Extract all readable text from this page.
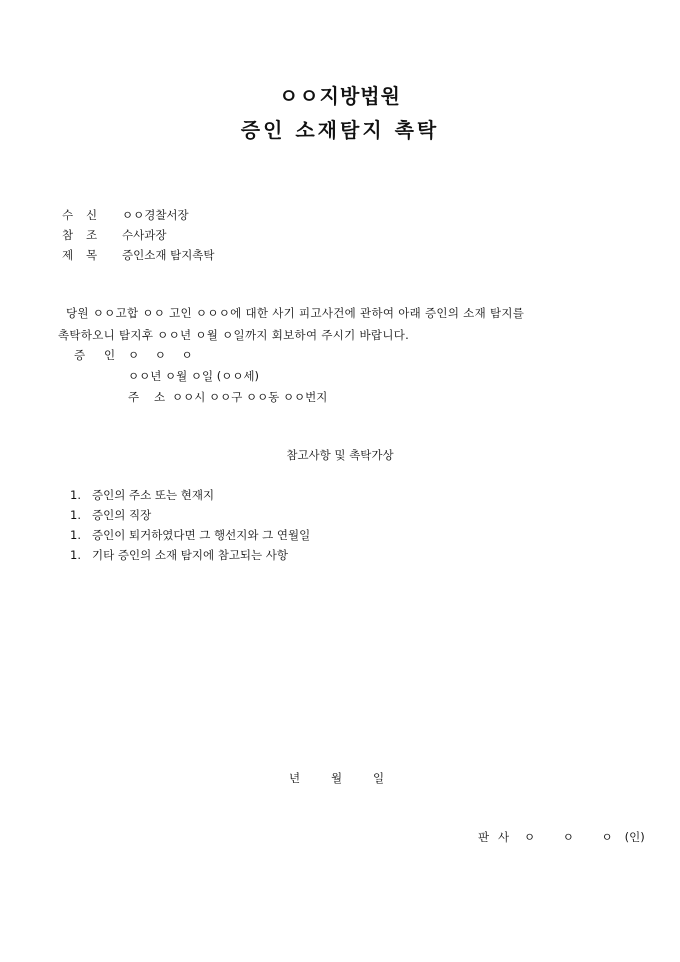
ㅇㅇ지방법원
증인 소재탐지 촉탁
수 신	ㅇㅇ경찰서장
참 조	수사과장
제 목	증인소재 탐지촉탁
당원 ㅇㅇ고합 ㅇㅇ 고인 ㅇㅇㅇ에 대한 사기 피고사건에 관하여 아래 증인의 소재 탐지를
촉탁하오니 탐지후 ㅇㅇ년 ㅇ월 ㅇ일까지 회보하여 주시기 바랍니다.
증 인	ㅇ ㅇ ㅇ
ㅇㅇ년 ㅇ월 ㅇ일 (ㅇㅇ세)
주 소 ㅇㅇ시 ㅇㅇ구 ㅇㅇ동 ㅇㅇ번지
참고사항 및 촉탁가상
1. 증인의 주소 또는 현재지
1. 증인의 직장
1. 증인이 퇴거하였다면 그 행선지와 그 연월일
1. 기타 증인의 소재 탐지에 참고되는 사항
년	월	일
판 사 ㅇ ㅇ ㅇ(인)
